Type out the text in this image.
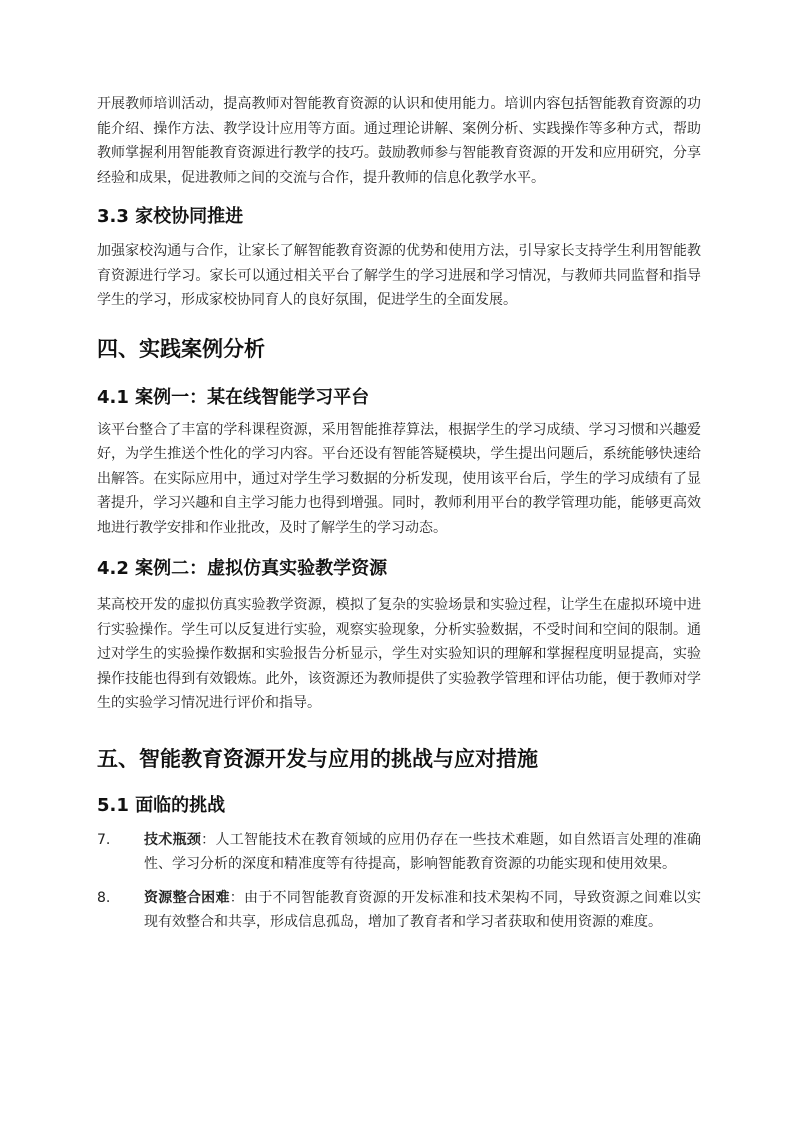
开展教师培训活动，提高教师对智能教育资源的认识和使用能力。培训内容包括智能教育资源的功能介绍、操作方法、教学设计应用等方面。通过理论讲解、案例分析、实践操作等多种方式，帮助教师掌握利用智能教育资源进行教学的技巧。鼓励教师参与智能教育资源的开发和应用研究，分享经验和成果，促进教师之间的交流与合作，提升教师的信息化教学水平。

3.3 家校协同推进

加强家校沟通与合作，让家长了解智能教育资源的优势和使用方法，引导家长支持学生利用智能教育资源进行学习。家长可以通过相关平台了解学生的学习进展和学习情况，与教师共同监督和指导学生的学习，形成家校协同育人的良好氛围，促进学生的全面发展。

四、实践案例分析
4.1 案例一：某在线智能学习平台

该平台整合了丰富的学科课程资源，采用智能推荐算法，根据学生的学习成绩、学习习惯和兴趣爱好，为学生推送个性化的学习内容。平台还设有智能答疑模块，学生提出问题后，系统能够快速给出解答。在实际应用中，通过对学生学习数据的分析发现，使用该平台后，学生的学习成绩有了显著提升，学习兴趣和自主学习能力也得到增强。同时，教师利用平台的教学管理功能，能够更高效地进行教学安排和作业批改，及时了解学生的学习动态。

4.2 案例二：虚拟仿真实验教学资源

某高校开发的虚拟仿真实验教学资源，模拟了复杂的实验场景和实验过程，让学生在虚拟环境中进行实验操作。学生可以反复进行实验，观察实验现象，分析实验数据，不受时间和空间的限制。通过对学生的实验操作数据和实验报告分析显示，学生对实验知识的理解和掌握程度明显提高，实验操作技能也得到有效锻炼。此外，该资源还为教师提供了实验教学管理和评估功能，便于教师对学生的实验学习情况进行评价和指导。

五、智能教育资源开发与应用的挑战与应对措施
5.1 面临的挑战
7. 技术瓶颈：人工智能技术在教育领域的应用仍存在一些技术难题，如自然语言处理的准确性、学习分析的深度和精准度等有待提高，影响智能教育资源的功能实现和使用效果。
8. 资源整合困难：由于不同智能教育资源的开发标准和技术架构不同，导致资源之间难以实现有效整合和共享，形成信息孤岛，增加了教育者和学习者获取和使用资源的难度。
